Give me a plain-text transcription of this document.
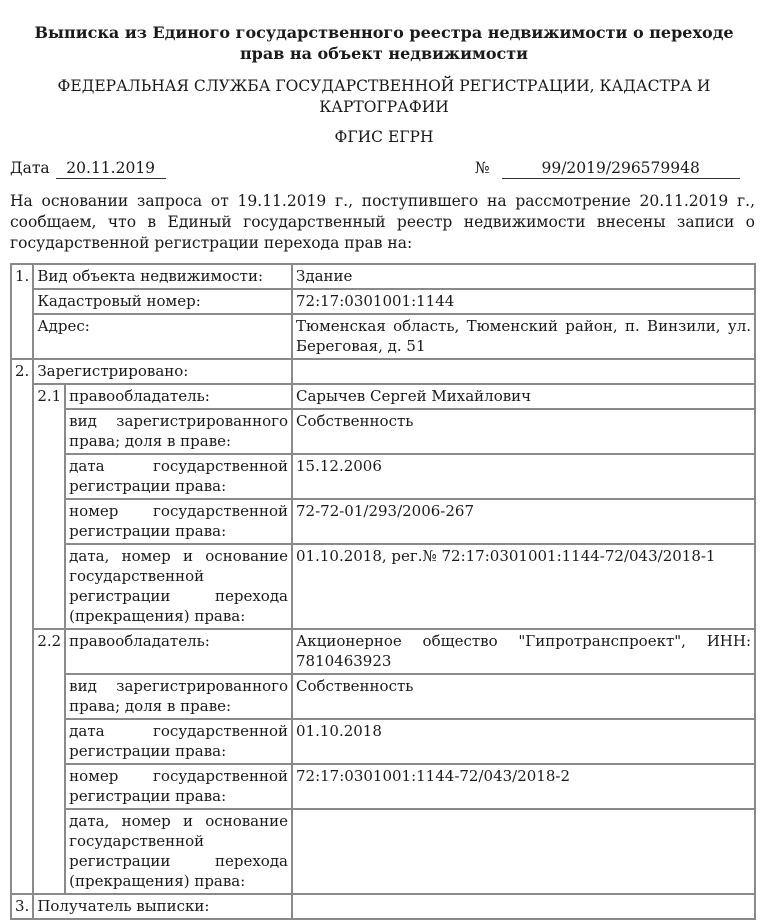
Выписка из Единого государственного реестра недвижимости о переходе прав на объект недвижимости
ФЕДЕРАЛЬНАЯ СЛУЖБА ГОСУДАРСТВЕННОЙ РЕГИСТРАЦИИ, КАДАСТРА И КАРТОГРАФИИ
ФГИС ЕГРН
Дата 20.11.2019	№	99/2019/296579948
На основании запроса от 19.11.2019 г., поступившего на рассмотрение 20.11.2019 г., сообщаем, что в Единый государственный реестр недвижимости внесены записи о государственной регистрации перехода прав на:
1.	Вид объекта недвижимости:		Здание
	Кадастровый номер:		72:17:0301001:1144
	Адрес:		Тюменская область, Тюменский район, п. Винзили, ул. Береговая, д. 51
2.	Зарегистрировано:		
	2.1	правообладатель:	Сарычев Сергей Михайлович
		вид зарегистрированного права; доля в праве:	Собственность
		дата государственной регистрации права:	15.12.2006
		номер государственной регистрации права:	72-72-01/293/2006-267
		дата, номер и основание государственной регистрации перехода (прекращения) права:	01.10.2018, рег.№ 72:17:0301001:1144-72/043/2018-1
	2.2	правообладатель:	Акционерное общество "Гипротранспроект", ИНН: 7810463923
		вид зарегистрированного права; доля в праве:	Собственность
		дата государственной регистрации права:	01.10.2018
		номер государственной регистрации права:	72:17:0301001:1144-72/043/2018-2
		дата, номер и основание государственной регистрации перехода (прекращения) права:	
3.	Получатель выписки:		
